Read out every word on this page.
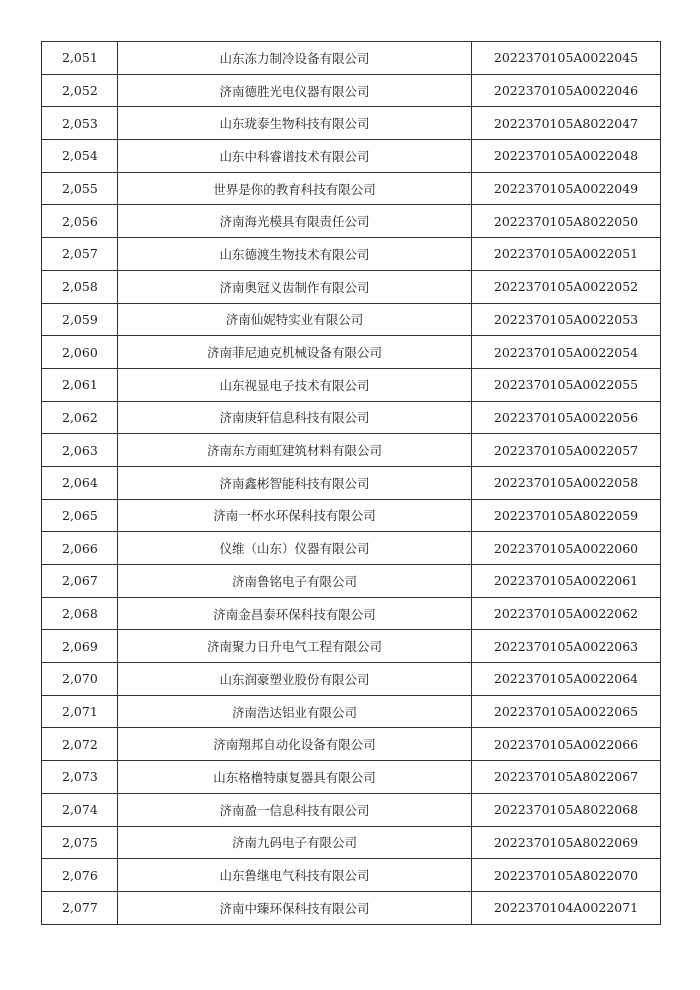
2,051	山东冻力制冷设备有限公司	2022370105A0022045
2,052	济南德胜光电仪器有限公司	2022370105A0022046
2,053	山东珑泰生物科技有限公司	2022370105A8022047
2,054	山东中科睿谱技术有限公司	2022370105A0022048
2,055	世界是你的教育科技有限公司	2022370105A0022049
2,056	济南海光模具有限责任公司	2022370105A8022050
2,057	山东德渡生物技术有限公司	2022370105A0022051
2,058	济南奥冠义齿制作有限公司	2022370105A0022052
2,059	济南仙妮特实业有限公司	2022370105A0022053
2,060	济南菲尼迪克机械设备有限公司	2022370105A0022054
2,061	山东视显电子技术有限公司	2022370105A0022055
2,062	济南庚轩信息科技有限公司	2022370105A0022056
2,063	济南东方雨虹建筑材料有限公司	2022370105A0022057
2,064	济南鑫彬智能科技有限公司	2022370105A0022058
2,065	济南一杯水环保科技有限公司	2022370105A8022059
2,066	仪维（山东）仪器有限公司	2022370105A0022060
2,067	济南鲁铭电子有限公司	2022370105A0022061
2,068	济南金昌泰环保科技有限公司	2022370105A0022062
2,069	济南聚力日升电气工程有限公司	2022370105A0022063
2,070	山东润豪塑业股份有限公司	2022370105A0022064
2,071	济南浩达铝业有限公司	2022370105A0022065
2,072	济南翔邦自动化设备有限公司	2022370105A0022066
2,073	山东格橹特康复器具有限公司	2022370105A8022067
2,074	济南盈一信息科技有限公司	2022370105A8022068
2,075	济南九码电子有限公司	2022370105A8022069
2,076	山东鲁继电气科技有限公司	2022370105A8022070
2,077	济南中臻环保科技有限公司	2022370104A0022071
